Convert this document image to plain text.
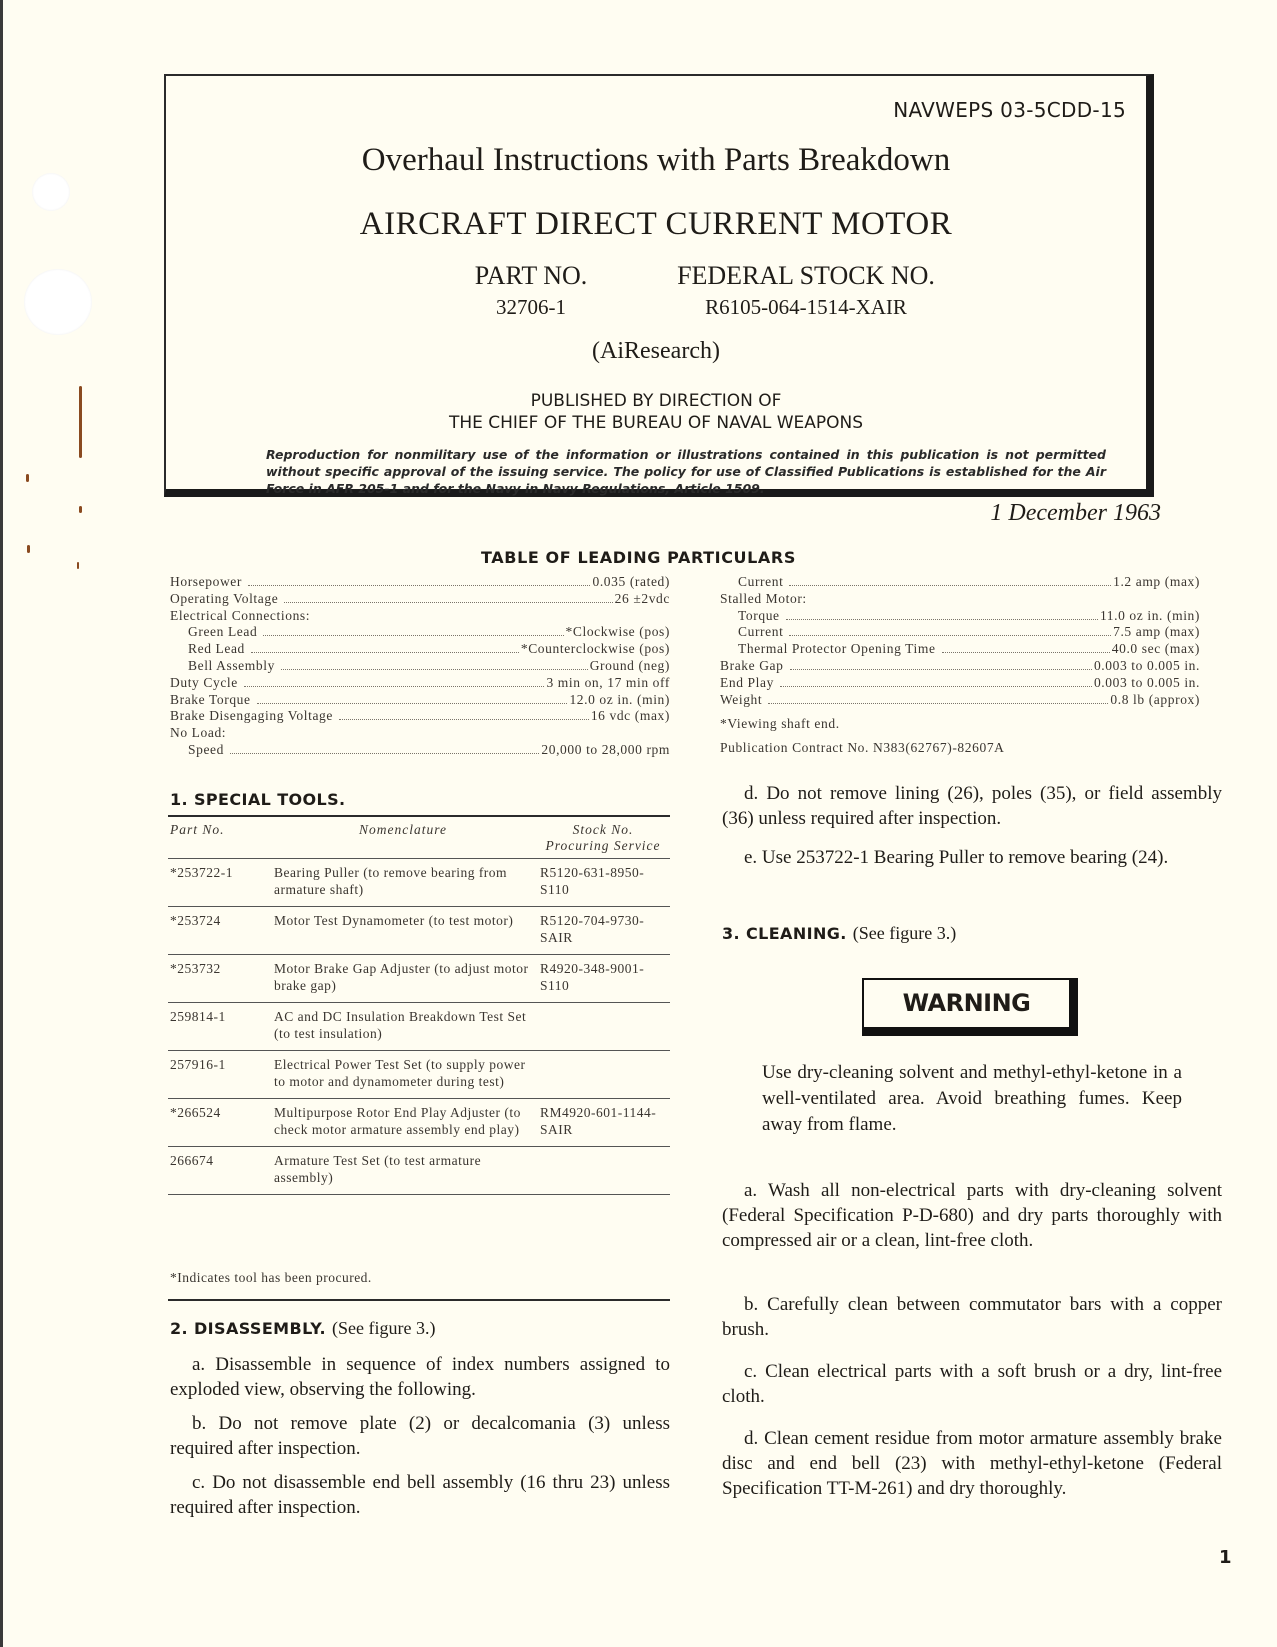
NAVWEPS 03-5CDD-15
Overhaul Instructions with Parts Breakdown
AIRCRAFT DIRECT CURRENT MOTOR
PART NO.
32706-1
FEDERAL STOCK NO.
R6105-064-1514-XAIR
(AiResearch)
PUBLISHED BY DIRECTION OF
THE CHIEF OF THE BUREAU OF NAVAL WEAPONS
Reproduction for nonmilitary use of the information or illustrations contained in this publication is not permitted without specific approval of the issuing service. The policy for use of Classified Publications is established for the Air Force in AFR 205-1 and for the Navy in Navy Regulations, Article 1509.
1 December 1963
TABLE OF LEADING PARTICULARS
Horsepower	0.035 (rated)
Operating Voltage	26 ±2vdc
Electrical Connections:
Green Lead	*Clockwise (pos)
Red Lead	*Counterclockwise (pos)
Bell Assembly	Ground (neg)
Duty Cycle	3 min on, 17 min off
Brake Torque	12.0 oz in. (min)
Brake Disengaging Voltage	16 vdc (max)
No Load:
Speed	20,000 to 28,000 rpm
Current	1.2 amp (max)
Stalled Motor:
Torque	11.0 oz in. (min)
Current	7.5 amp (max)
Thermal Protector Opening Time	40.0 sec (max)
Brake Gap	0.003 to 0.005 in.
End Play	0.003 to 0.005 in.
Weight	0.8 lb (approx)
*Viewing shaft end.
Publication Contract No. N383(62767)-82607A
1. SPECIAL TOOLS.
Part No.	Nomenclature	Stock No.
Procuring Service

*253722-1	Bearing Puller (to remove bearing from armature shaft)	R5120-631-8950-S110
*253724	Motor Test Dynamometer (to test motor)	R5120-704-9730-SAIR
*253732	Motor Brake Gap Adjuster (to adjust motor brake gap)	R4920-348-9001-S110
259814-1	AC and DC Insulation Breakdown Test Set (to test insulation)	
257916-1	Electrical Power Test Set (to supply power to motor and dynamometer during test)	
*266524	Multipurpose Rotor End Play Adjuster (to check motor armature assembly end play)	RM4920-601-1144-SAIR
266674	Armature Test Set (to test armature assembly)	
*Indicates tool has been procured.
2. DISASSEMBLY. (See figure 3.)
a. Disassemble in sequence of index numbers assigned to exploded view, observing the following.
b. Do not remove plate (2) or decalcomania (3) unless required after inspection.
c. Do not disassemble end bell assembly (16 thru 23) unless required after inspection.
d. Do not remove lining (26), poles (35), or field assembly (36) unless required after inspection.
e. Use 253722-1 Bearing Puller to remove bearing (24).
3. CLEANING. (See figure 3.)
WARNING
Use dry-cleaning solvent and methyl-ethyl-ketone in a well-ventilated area. Avoid breathing fumes. Keep away from flame.
a. Wash all non-electrical parts with dry-cleaning solvent (Federal Specification P-D-680) and dry parts thoroughly with compressed air or a clean, lint-free cloth.
b. Carefully clean between commutator bars with a copper brush.
c. Clean electrical parts with a soft brush or a dry, lint-free cloth.
d. Clean cement residue from motor armature assembly brake disc and end bell (23) with methyl-ethyl-ketone (Federal Specification TT-M-261) and dry thoroughly.
1
